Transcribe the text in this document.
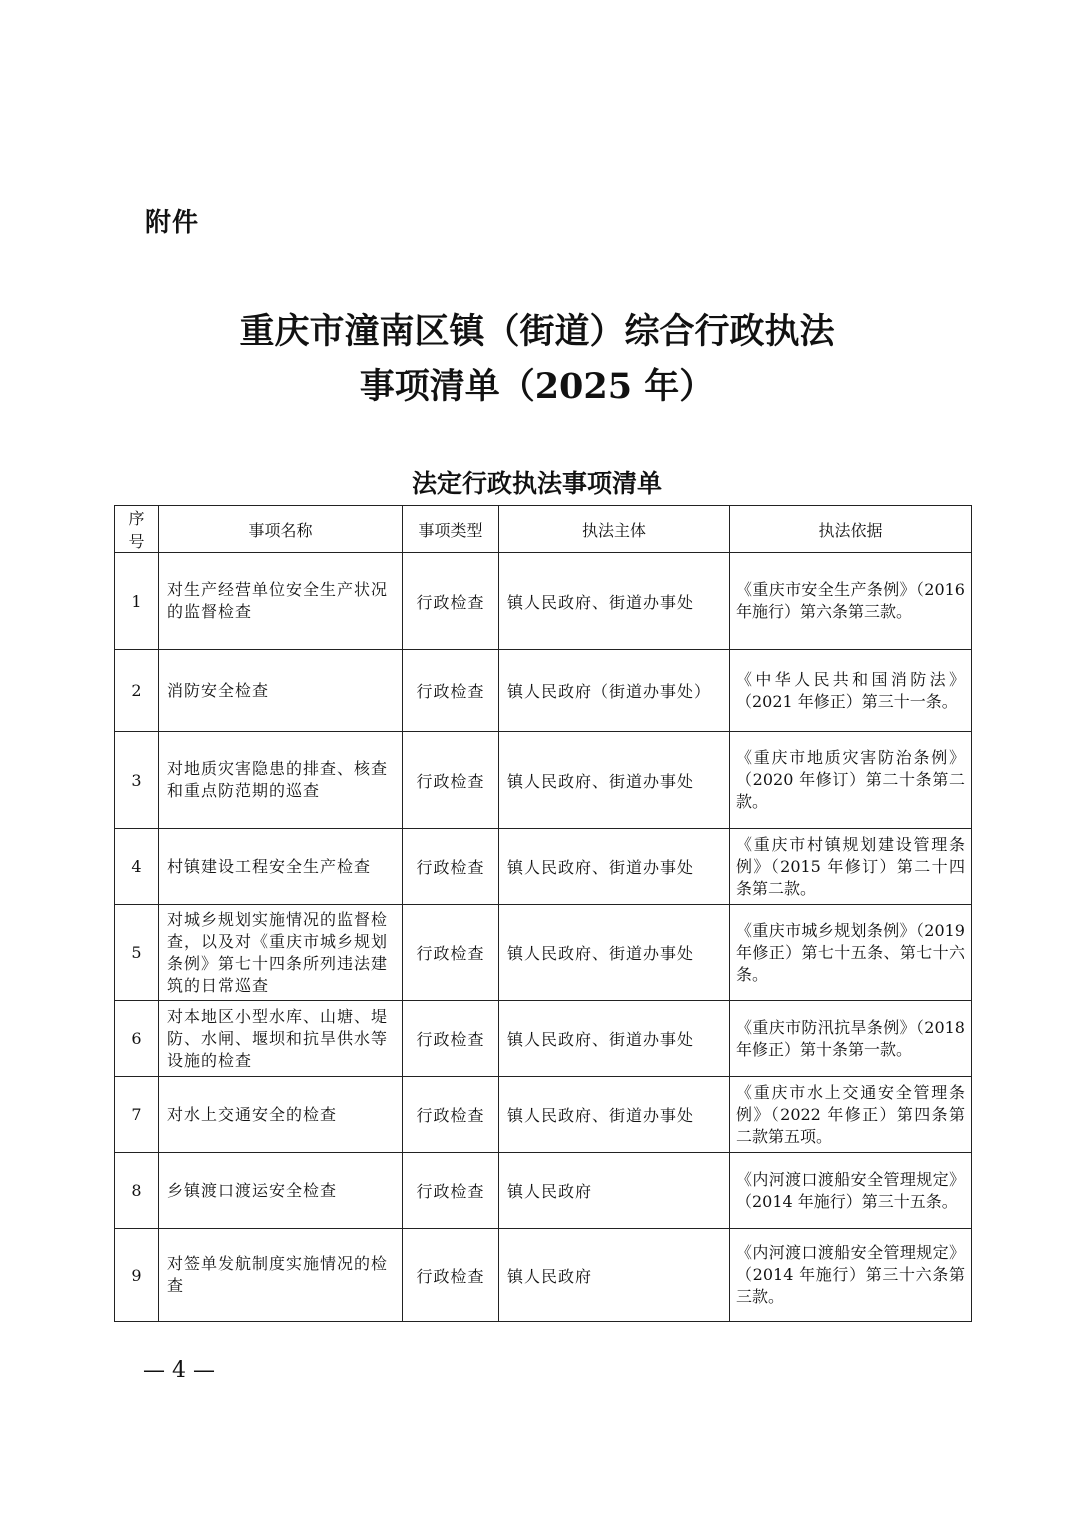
附件
重庆市潼南区镇（街道）综合行政执法
事项清单（2025 年）
法定行政执法事项清单
序号	事项名称	事项类型	执法主体	执法依据
1	对生产经营单位安全生产状况的监督检查	行政检查	镇人民政府、街道办事处	《重庆市安全生产条例》（2016 年施行）第六条第三款。
2	消防安全检查	行政检查	镇人民政府（街道办事处）	《中华人民共和国消防法》（2021 年修正）第三十一条。
3	对地质灾害隐患的排查、核查和重点防范期的巡查	行政检查	镇人民政府、街道办事处	《重庆市地质灾害防治条例》（2020 年修订）第二十条第二款。
4	村镇建设工程安全生产检查	行政检查	镇人民政府、街道办事处	《重庆市村镇规划建设管理条例》（2015 年修订）第二十四条第二款。
5	对城乡规划实施情况的监督检查，以及对《重庆市城乡规划条例》第七十四条所列违法建筑的日常巡查	行政检查	镇人民政府、街道办事处	《重庆市城乡规划条例》（2019 年修正）第七十五条、第七十六条。
6	对本地区小型水库、山塘、堤防、水闸、堰坝和抗旱供水等设施的检查	行政检查	镇人民政府、街道办事处	《重庆市防汛抗旱条例》（2018 年修正）第十条第一款。
7	对水上交通安全的检查	行政检查	镇人民政府、街道办事处	《重庆市水上交通安全管理条例》（2022 年修正）第四条第二款第五项。
8	乡镇渡口渡运安全检查	行政检查	镇人民政府	《内河渡口渡船安全管理规定》（2014 年施行）第三十五条。
9	对签单发航制度实施情况的检查	行政检查	镇人民政府	《内河渡口渡船安全管理规定》（2014 年施行）第三十六条第三款。
— 4 —
